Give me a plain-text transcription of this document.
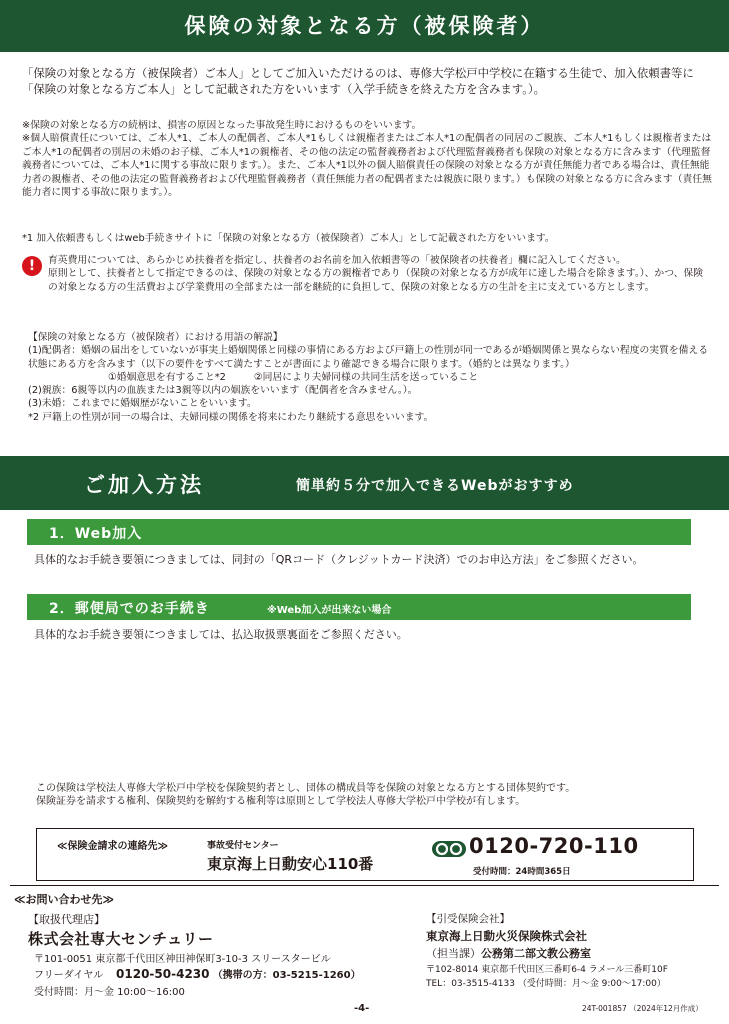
保険の対象となる方（被保険者）
「保険の対象となる方（被保険者）ご本人」としてご加入いただけるのは、専修大学松戸中学校に在籍する生徒で、加入依頼書等に「保険の対象となる方ご本人」として記載された方をいいます（入学手続きを終えた方を含みます。）。
※保険の対象となる方の続柄は、損害の原因となった事故発生時におけるものをいいます。
※個人賠償責任については、ご本人*1、ご本人の配偶者、ご本人*1もしくは親権者またはご本人*1の配偶者の同居のご親族、ご本人*1もしくは親権者またはご本人*1の配偶者の別居の未婚のお子様、ご本人*1の親権者、その他の法定の監督義務者および代理監督義務者も保険の対象となる方に含みます（代理監督義務者については、ご本人*1に関する事故に限ります。）。また、ご本人*1以外の個人賠償責任の保険の対象となる方が責任無能力者である場合は、責任無能力者の親権者、その他の法定の監督義務者および代理監督義務者（責任無能力者の配偶者または親族に限ります。）も保険の対象となる方に含みます（責任無能力者に関する事故に限ります。）。
*1 加入依頼書もしくはweb手続きサイトに「保険の対象となる方（被保険者）ご本人」として記載された方をいいます。
!	育英費用については、あらかじめ扶養者を指定し、扶養者のお名前を加入依頼書等の「被保険者の扶養者」欄に記入してください。
原則として、扶養者として指定できるのは、保険の対象となる方の親権者であり（保険の対象となる方が成年に達した場合を除きます。）、かつ、保険の対象となる方の生活費および学業費用の全部または一部を継続的に負担して、保険の対象となる方の生計を主に支えている方とします。
【保険の対象となる方（被保険者）における用語の解説】
(1)配偶者：婚姻の届出をしていないが事実上婚姻関係と同様の事情にある方および戸籍上の性別が同一であるが婚姻関係と異ならない程度の実質を備える状態にある方を含みます（以下の要件をすべて満たすことが書面により確認できる場合に限ります。（婚約とは異なります。）
①婚姻意思を有すること*2	②同居により夫婦同様の共同生活を送っていること
(2)親族：6親等以内の血族または3親等以内の姻族をいいます（配偶者を含みません。）。
(3)未婚：これまでに婚姻歴がないことをいいます。
*2 戸籍上の性別が同一の場合は、夫婦同様の関係を将来にわたり継続する意思をいいます。
ご加入方法	簡単約５分で加入できるWebがおすすめ
1．Web加入
具体的なお手続き要領につきましては、同封の「QRコード（クレジットカード決済）でのお申込方法」をご参照ください。
2．郵便局でのお手続き	※Web加入が出来ない場合
具体的なお手続き要領につきましては、払込取扱票裏面をご参照ください。
この保険は学校法人専修大学松戸中学校を保険契約者とし、団体の構成員等を保険の対象となる方とする団体契約です。
保険証券を請求する権利、保険契約を解約する権利等は原則として学校法人専修大学松戸中学校が有します。
≪保険金請求の連絡先≫	事故受付センター
東京海上日動安心110番
0120-720-110
受付時間：24時間365日
≪お問い合わせ先≫
【取扱代理店】
株式会社専大センチュリー
〒101-0051 東京都千代田区神田神保町3-10-3 スリースタービル
フリーダイヤル 0120-50-4230 （携帯の方：03-5215-1260）
受付時間：月～金 10:00～16:00
【引受保険会社】
東京海上日動火災保険株式会社
（担当課）公務第二部文教公務室
〒102-8014 東京都千代田区三番町6-4 ラメール三番町10F
TEL：03-3515-4133 （受付時間：月～金 9:00～17:00）
-4-	24T-001857 （2024年12月作成）
